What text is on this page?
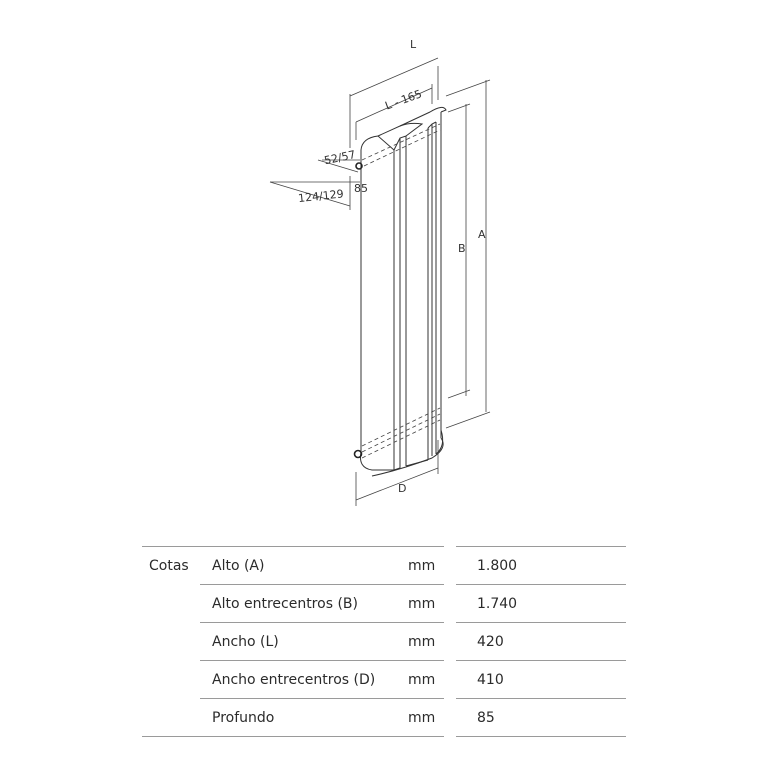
L
L - 165
52/57
85
124/129
B
A
D
Cotas Alto (A)	mm	1.800
Alto entrecentros (B)	mm	1.740
Ancho (L)	mm	420
Ancho entrecentros (D) mm	410
Profundo	mm	85
